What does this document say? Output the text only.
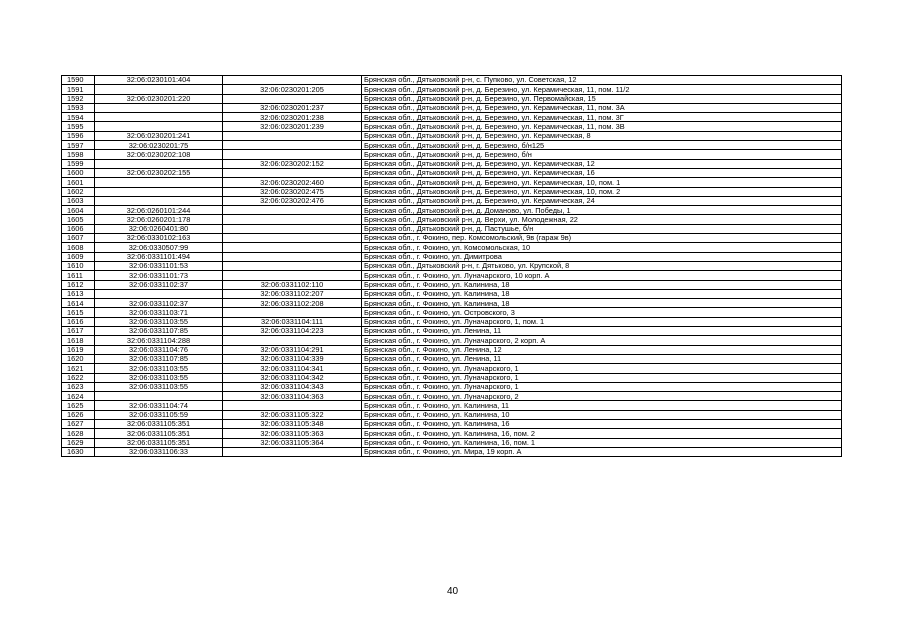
1590	32:06:0230101:404		Брянская обл., Дятьковский р-н, с. Пупково, ул. Советская, 12
1591		32:06:0230201:205	Брянская обл., Дятьковский р-н, д. Березино, ул. Керамическая, 11, пом. 11/2
1592	32:06:0230201:220		Брянская обл., Дятьковский р-н, д. Березино, ул. Первомайская, 15
1593		32:06:0230201:237	Брянская обл., Дятьковский р-н, д. Березино, ул. Керамическая, 11, пом. 3А
1594		32:06:0230201:238	Брянская обл., Дятьковский р-н, д. Березино, ул. Керамическая, 11, пом. 3Г
1595		32:06:0230201:239	Брянская обл., Дятьковский р-н, д. Березино, ул. Керамическая, 11, пом. 3В
1596	32:06:0230201:241		Брянская обл., Дятьковский р-н, д. Березино, ул. Керамическая, 8
1597	32:06:0230201:75		Брянская обл., Дятьковский р-н, д. Березино, б/н125
1598	32:06:0230202:108		Брянская обл., Дятьковский р-н, д. Березино, б/н
1599		32:06:0230202:152	Брянская обл., Дятьковский р-н, д. Березино, ул. Керамическая, 12
1600	32:06:0230202:155		Брянская обл., Дятьковский р-н, д. Березино, ул. Керамическая, 16
1601		32:06:0230202:460	Брянская обл., Дятьковский р-н, д. Березино, ул. Керамическая, 10, пом. 1
1602		32:06:0230202:475	Брянская обл., Дятьковский р-н, д. Березино, ул. Керамическая, 10, пом. 2
1603		32:06:0230202:476	Брянская обл., Дятьковский р-н, д. Березино, ул. Керамическая, 24
1604	32:06:0260101:244		Брянская обл., Дятьковский р-н, д. Доманово, ул. Победы, 1
1605	32:06:0260201:178		Брянская обл., Дятьковский р-н, д. Верхи, ул. Молодежная, 22
1606	32:06:0260401:80		Брянская обл., Дятьковский р-н, д. Пастушье, б/н
1607	32:06:0330102:163		Брянская обл., г. Фокино, пер. Комсомольский, 9в (гараж 9в)
1608	32:06:0330507:99		Брянская обл., г. Фокино, ул. Комсомольская, 10
1609	32:06:0331101:494		Брянская обл., г. Фокино, ул. Димитрова
1610	32:06:0331101:53		Брянская обл., Дятьковский р-н, г. Дятьково, ул. Крупской, 8
1611	32:06:0331101:73		Брянская обл., г. Фокино, ул. Луначарского, 10 корп. А
1612	32:06:0331102:37	32:06:0331102:110	Брянская обл., г. Фокино, ул. Калинина, 18
1613		32:06:0331102:207	Брянская обл., г. Фокино, ул. Калинина, 18
1614	32:06:0331102:37	32:06:0331102:208	Брянская обл., г. Фокино, ул. Калинина, 18
1615	32:06:0331103:71		Брянская обл., г. Фокино, ул. Островского, 3
1616	32:06:0331103:55	32:06:0331104:111	Брянская обл., г. Фокино, ул. Луначарского, 1, пом. 1
1617	32:06:0331107:85	32:06:0331104:223	Брянская обл., г. Фокино, ул. Ленина, 11
1618	32:06:0331104:288		Брянская обл., г. Фокино, ул. Луначарского, 2 корп. А
1619	32:06:0331104:76	32:06:0331104:291	Брянская обл., г. Фокино, ул. Ленина, 12
1620	32:06:0331107:85	32:06:0331104:339	Брянская обл., г. Фокино, ул. Ленина, 11
1621	32:06:0331103:55	32:06:0331104:341	Брянская обл., г. Фокино, ул. Луначарского, 1
1622	32:06:0331103:55	32:06:0331104:342	Брянская обл., г. Фокино, ул. Луначарского, 1
1623	32:06:0331103:55	32:06:0331104:343	Брянская обл., г. Фокино, ул. Луначарского, 1
1624		32:06:0331104:363	Брянская обл., г. Фокино, ул. Луначарского, 2
1625	32:06:0331104:74		Брянская обл., г. Фокино, ул. Калинина, 11
1626	32:06:0331105:59	32:06:0331105:322	Брянская обл., г. Фокино, ул. Калинина, 10
1627	32:06:0331105:351	32:06:0331105:348	Брянская обл., г. Фокино, ул. Калинина, 16
1628	32:06:0331105:351	32:06:0331105:363	Брянская обл., г. Фокино, ул. Калинина, 16, пом. 2
1629	32:06:0331105:351	32:06:0331105:364	Брянская обл., г. Фокино, ул. Калинина, 16, пом. 1
1630	32:06:0331106:33		Брянская обл., г. Фокино, ул. Мира, 19 корп. А
40
